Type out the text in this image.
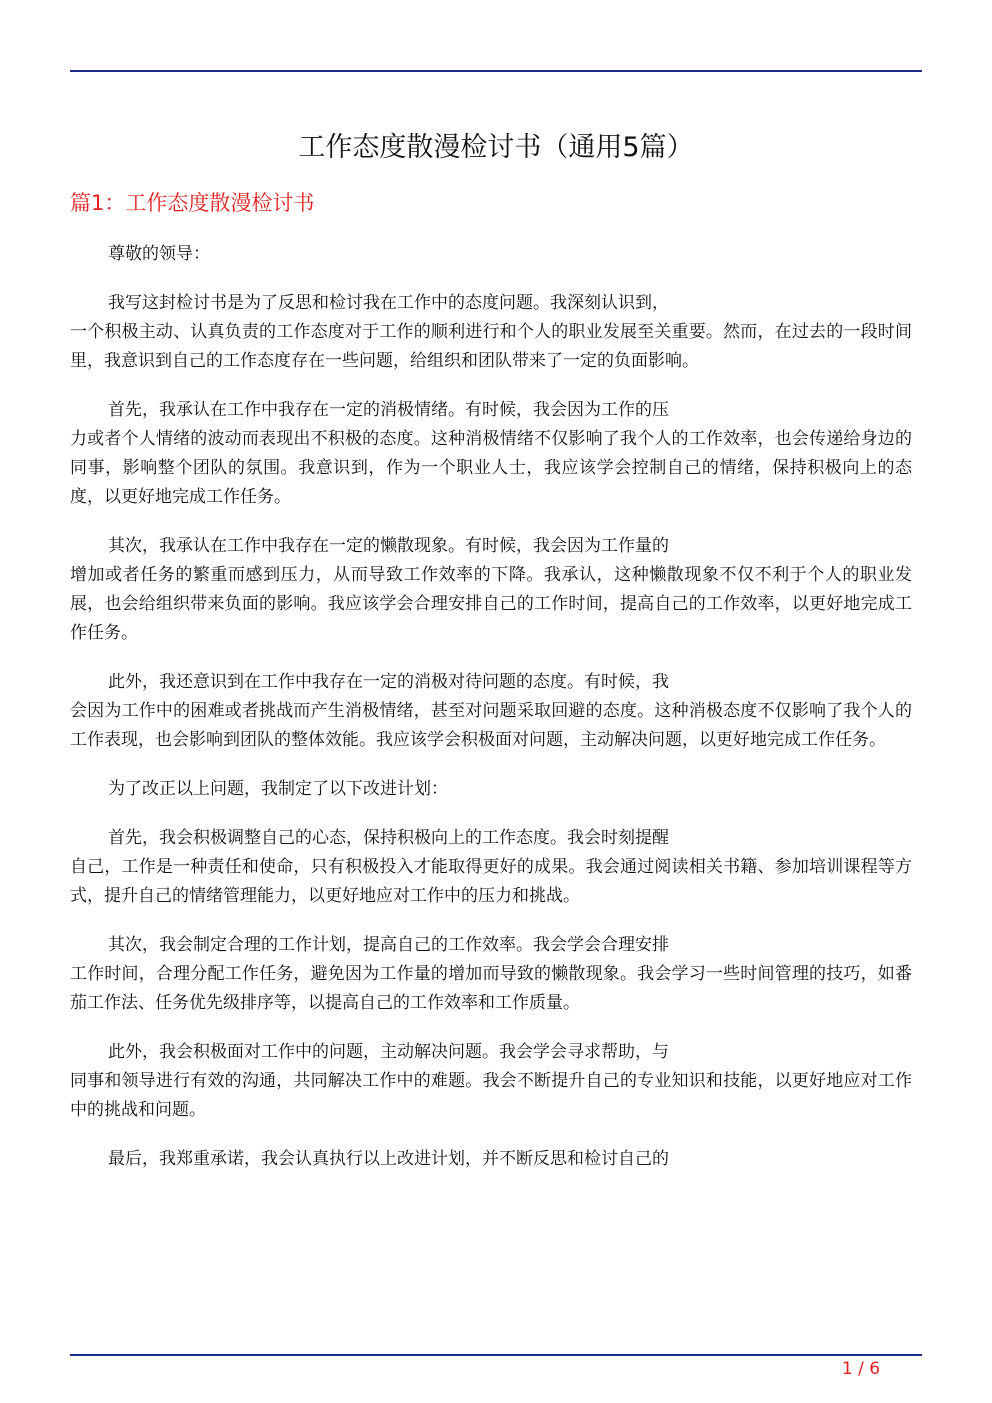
工作态度散漫检讨书（通用5篇）
篇1：工作态度散漫检讨书

尊敬的领导：

我写这封检讨书是为了反思和检讨我在工作中的态度问题。我深刻认识到，
一个积极主动、认真负责的工作态度对于工作的顺利进行和个人的职业发展至关重要。然而，在过去的一段时间里，我意识到自己的工作态度存在一些问题，给组织和团队带来了一定的负面影响。

首先，我承认在工作中我存在一定的消极情绪。有时候，我会因为工作的压
力或者个人情绪的波动而表现出不积极的态度。这种消极情绪不仅影响了我个人的工作效率，也会传递给身边的同事，影响整个团队的氛围。我意识到，作为一个职业人士，我应该学会控制自己的情绪，保持积极向上的态度，以更好地完成工作任务。

其次，我承认在工作中我存在一定的懒散现象。有时候，我会因为工作量的
增加或者任务的繁重而感到压力，从而导致工作效率的下降。我承认，这种懒散现象不仅不利于个人的职业发展，也会给组织带来负面的影响。我应该学会合理安排自己的工作时间，提高自己的工作效率，以更好地完成工作任务。

此外，我还意识到在工作中我存在一定的消极对待问题的态度。有时候，我
会因为工作中的困难或者挑战而产生消极情绪，甚至对问题采取回避的态度。这种消极态度不仅影响了我个人的工作表现，也会影响到团队的整体效能。我应该学会积极面对问题，主动解决问题，以更好地完成工作任务。

为了改正以上问题，我制定了以下改进计划：

首先，我会积极调整自己的心态，保持积极向上的工作态度。我会时刻提醒
自己，工作是一种责任和使命，只有积极投入才能取得更好的成果。我会通过阅读相关书籍、参加培训课程等方式，提升自己的情绪管理能力，以更好地应对工作中的压力和挑战。

其次，我会制定合理的工作计划，提高自己的工作效率。我会学会合理安排
工作时间，合理分配工作任务，避免因为工作量的增加而导致的懒散现象。我会学习一些时间管理的技巧，如番茄工作法、任务优先级排序等，以提高自己的工作效率和工作质量。

此外，我会积极面对工作中的问题，主动解决问题。我会学会寻求帮助，与
同事和领导进行有效的沟通，共同解决工作中的难题。我会不断提升自己的专业知识和技能，以更好地应对工作中的挑战和问题。

最后，我郑重承诺，我会认真执行以上改进计划，并不断反思和检讨自己的

1 / 6
